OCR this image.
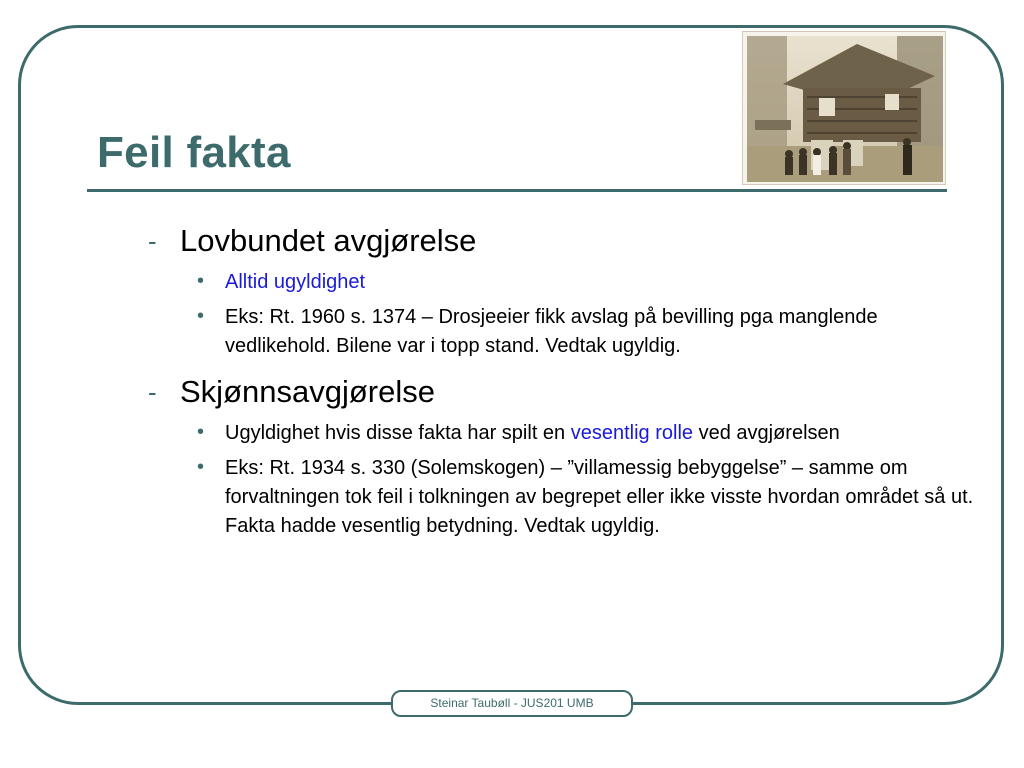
Feil fakta
- Lovbundet avgjørelse
• Alltid ugyldighet
• Eks: Rt. 1960 s. 1374 – Drosjeeier fikk avslag på bevilling pga manglende vedlikehold. Bilene var i topp stand. Vedtak ugyldig.
- Skjønnsavgjørelse
• Ugyldighet hvis disse fakta har spilt en vesentlig rolle ved avgjørelsen
• Eks: Rt. 1934 s. 330 (Solemskogen) – ”villamessig bebyggelse” – samme om forvaltningen tok feil i tolkningen av begrepet eller ikke visste hvordan området så ut. Fakta hadde vesentlig betydning. Vedtak ugyldig.
Steinar Taubøll - JUS201 UMB
